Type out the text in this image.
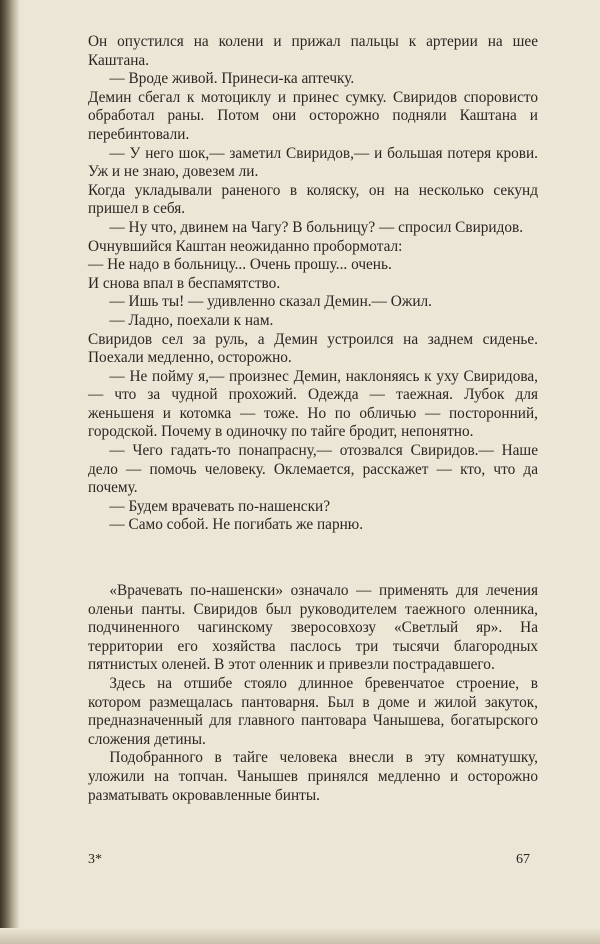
Он опустился на колени и прижал пальцы к артерии на шее Каштана.

— Вроде живой. Принеси-ка аптечку.

Демин сбегал к мотоциклу и принес сумку. Свиридов споровисто обработал раны. Потом они осторожно подняли Каштана и перебинтовали.

— У него шок,— заметил Свиридов,— и большая потеря крови. Уж и не знаю, довезем ли.

Когда укладывали раненого в коляску, он на несколько секунд пришел в себя.

— Ну что, двинем на Чагу? В больницу? — спросил Свиридов.

Очнувшийся Каштан неожиданно пробормотал:

— Не надо в больницу... Очень прошу... очень.

И снова впал в беспамятство.

— Ишь ты! — удивленно сказал Демин.— Ожил.

— Ладно, поехали к нам.

Свиридов сел за руль, а Демин устроился на заднем сиденье. Поехали медленно, осторожно.

— Не пойму я,— произнес Демин, наклоняясь к уху Свиридова,— что за чудной прохожий. Одежда — таежная. Лубок для женьшеня и котомка — тоже. Но по обличью — посторонний, городской. Почему в одиночку по тайге бродит, непонятно.

— Чего гадать-то понапрасну,— отозвался Свиридов.— Наше дело — помочь человеку. Оклемается, расскажет — кто, что да почему.

— Будем врачевать по-нашенски?

— Само собой. Не погибать же парню.

«Врачевать по-нашенски» означало — применять для лечения оленьи панты. Свиридов был руководителем таежного оленника, подчиненного чагинскому зверосовхозу «Светлый яр». На территории его хозяйства паслось три тысячи благородных пятнистых оленей. В этот оленник и привезли пострадавшего.

Здесь на отшибе стояло длинное бревенчатое строение, в котором размещалась пантоварня. Был в доме и жилой закуток, предназначенный для главного пантовара Чанышева, богатырского сложения детины.

Подобранного в тайге человека внесли в эту комнатушку, уложили на топчан. Чанышев принялся медленно и осторожно разматывать окровавленные бинты.

3*	67
